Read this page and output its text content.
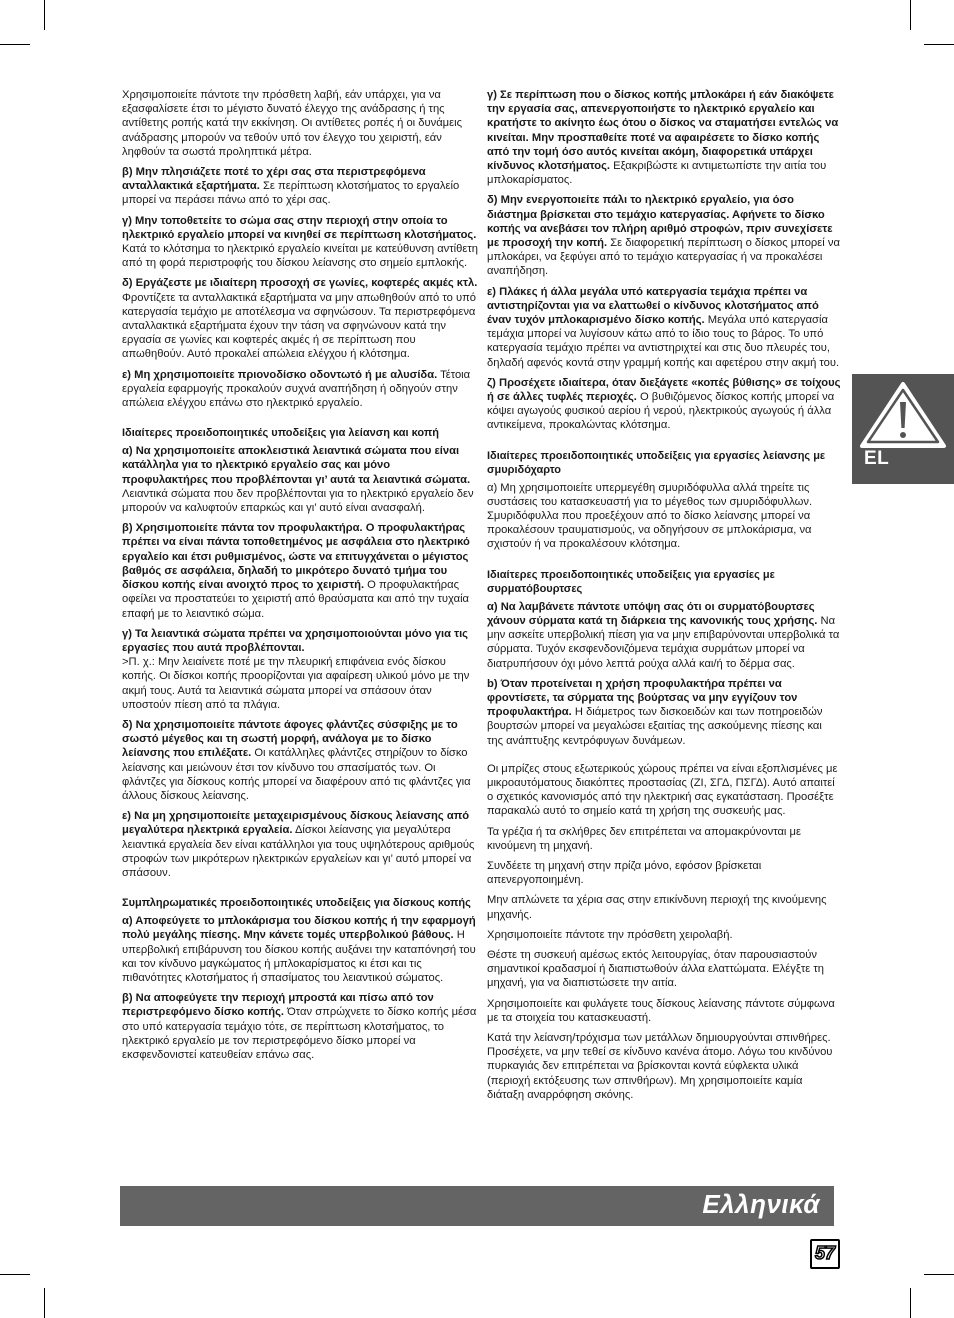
Χρησιμοποιείτε πάντοτε την πρόσθετη λαβή, εάν υπάρχει, για να εξασφαλίσετε έτσι το μέγιστο δυνατό έλεγχο της ανάδρασης ή της αντίθετης ροπής κατά την εκκίνηση. Οι αντίθετες ροπές ή οι δυνάμεις ανάδρασης μπορούν να τεθούν υπό τον έλεγχο του χειριστή, εάν ληφθούν τα σωστά προληπτικά μέτρα.
β) Μην πλησιάζετε ποτέ το χέρι σας στα περιστρεφόμενα ανταλλακτικά εξαρτήματα. Σε περίπτωση κλοτσήματος το εργαλείο μπορεί να περάσει πάνω από το χέρι σας.
γ) Μην τοποθετείτε το σώμα σας στην περιοχή στην οποία το ηλεκτρικό εργαλείο μπορεί να κινηθεί σε περίπτωση κλοτσήματος. Κατά το κλότσημα το ηλεκτρικό εργαλείο κινείται με κατεύθυνση αντίθετη από τη φορά περιστροφής του δίσκου λείανσης στο σημείο εμπλοκής.
δ) Εργάζεστε με ιδιαίτερη προσοχή σε γωνίες, κοφτερές ακμές κτλ. Φροντίζετε τα ανταλλακτικά εξαρτήματα να μην απωθηθούν από το υπό κατεργασία τεμάχιο με αποτέλεσμα να σφηνώσουν. Τα περιστρεφόμενα ανταλλακτικά εξαρτήματα έχουν την τάση να σφηνώνουν κατά την εργασία σε γωνίες και κοφτερές ακμές ή σε περίπτωση που απωθηθούν. Αυτό προκαλεί απώλεια ελέγχου ή κλότσημα.
ε) Μη χρησιμοποιείτε πριονοδίσκο οδοντωτό ή με αλυσίδα. Τέτοια εργαλεία εφαρμογής προκαλούν συχνά αναπήδηση ή οδηγούν στην απώλεια ελέγχου επάνω στο ηλεκτρικό εργαλείο.
Ιδιαίτερες προειδοποιητικές υποδείξεις για λείανση και κοπή
α) Να χρησιμοποιείτε αποκλειστικά λειαντικά σώματα που είναι κατάλληλα για το ηλεκτρικό εργαλείο σας και μόνο προφυλακτήρες που προβλέπονται γι’ αυτά τα λειαντικά σώματα. Λειαντικά σώματα που δεν προβλέπονται για το ηλεκτρικό εργαλείο δεν μπορούν να καλυφτούν επαρκώς και γι’ αυτό είναι ανασφαλή.
β) Χρησιμοποιείτε πάντα τον προφυλακτήρα. Ο προφυλακτήρας πρέπει να είναι πάντα τοποθετημένος με ασφάλεια στο ηλεκτρικό εργαλείο και έτσι ρυθμισμένος, ώστε να επιτυγχάνεται ο μέγιστος βαθμός σε ασφάλεια, δηλαδή το μικρότερο δυνατό τμήμα του δίσκου κοπής είναι ανοιχτό προς το χειριστή. Ο προφυλακτήρας οφείλει να προστατεύει το χειριστή από θραύσματα και από την τυχαία επαφή με το λειαντικό σώμα.
γ) Τα λειαντικά σώματα πρέπει να χρησιμοποιούνται μόνο για τις εργασίες που αυτά προβλέπονται.
>Π. χ.: Μην λειαίνετε ποτέ με την πλευρική επιφάνεια ενός δίσκου κοπής. Οι δίσκοι κοπής προορίζονται για αφαίρεση υλικού μόνο με την ακμή τους. Αυτά τα λειαντικά σώματα μπορεί να σπάσουν όταν υποστούν πίεση από τα πλάγια.
δ) Να χρησιμοποιείτε πάντοτε άφογες φλάντζες σύσφιξης με το σωστό μέγεθος και τη σωστή μορφή, ανάλογα με το δίσκο λείανσης που επιλέξατε. Οι κατάλληλες φλάντζες στηρίζουν το δίσκο λείανσης και μειώνουν έτσι τον κίνδυνο του σπασίματός των. Οι φλάντζες για δίσκους κοπής μπορεί να διαφέρουν από τις φλάντζες για άλλους δίσκους λείανσης.
ε) Να μη χρησιμοποιείτε μεταχειρισμένους δίσκους λείανσης από μεγαλύτερα ηλεκτρικά εργαλεία. Δίσκοι λείανσης για μεγαλύτερα λειαντικά εργαλεία δεν είναι κατάλληλοι για τους υψηλότερους αριθμούς στροφών των μικρότερων ηλεκτρικών εργαλείων και γι’ αυτό μπορεί να σπάσουν.
Συμπληρωματικές προειδοποιητικές υποδείξεις για δίσκους κοπής
α) Αποφεύγετε το μπλοκάρισμα του δίσκου κοπής ή την εφαρμογή πολύ μεγάλης πίεσης. Μην κάνετε τομές υπερβολικού βάθους. Η υπερβολική επιβάρυνση του δίσκου κοπής αυξάνει την καταπόνησή του και τον κίνδυνο μαγκώματος ή μπλοκαρίσματος κι έτσι και τις πιθανότητες κλοτσήματος ή σπασίματος του λειαντικού σώματος.
β) Να αποφεύγετε την περιοχή μπροστά και πίσω από τον περιστρεφόμενο δίσκο κοπής. Όταν σπρώχνετε το δίσκο κοπής μέσα στο υπό κατεργασία τεμάχιο τότε, σε περίπτωση κλοτσήματος, το ηλεκτρικό εργαλείο με τον περιστρεφόμενο δίσκο μπορεί να εκσφενδονιστεί κατευθείαν επάνω σας.
γ) Σε περίπτωση που ο δίσκος κοπής μπλοκάρει ή εάν διακόψετε την εργασία σας, απενεργοποιήστε το ηλεκτρικό εργαλείο και κρατήστε το ακίνητο έως ότου ο δίσκος να σταματήσει εντελώς να κινείται. Μην προσπαθείτε ποτέ να αφαιρέσετε το δίσκο κοπής από την τομή όσο αυτός κινείται ακόμη, διαφορετικά υπάρχει κίνδυνος κλοτσήματος. Εξακριβώστε κι αντιμετωπίστε την αιτία του μπλοκαρίσματος.
δ) Μην ενεργοποιείτε πάλι το ηλεκτρικό εργαλείο, για όσο διάστημα βρίσκεται στο τεμάχιο κατεργασίας. Αφήνετε το δίσκο κοπής να ανεβάσει τον πλήρη αριθμό στροφών, πριν συνεχίσετε με προσοχή την κοπή. Σε διαφορετική περίπτωση ο δίσκος μπορεί να μπλοκάρει, να ξεφύγει από το τεμάχιο κατεργασίας ή να προκαλέσει αναπήδηση.
ε) Πλάκες ή άλλα μεγάλα υπό κατεργασία τεμάχια πρέπει να αντιστηρίζονται για να ελαττωθεί ο κίνδυνος κλοτσήματος από έναν τυχόν μπλοκαρισμένο δίσκο κοπής. Μεγάλα υπό κατεργασία τεμάχια μπορεί να λυγίσουν κάτω από το ίδιο τους το βάρος. Το υπό κατεργασία τεμάχιο πρέπει να αντιστηριχτεί και στις δυο πλευρές του, δηλαδή αφενός κοντά στην γραμμή κοπής και αφετέρου στην ακμή του.
ζ) Προσέχετε ιδιαίτερα, όταν διεξάγετε «κοπές βύθισης» σε τοίχους ή σε άλλες τυφλές περιοχές. Ο βυθιζόμενος δίσκος κοπής μπορεί να κόψει αγωγούς φυσικού αερίου ή νερού, ηλεκτρικούς αγωγούς ή άλλα αντικείμενα, προκαλώντας κλότσημα.
Ιδιαίτερες προειδοποιητικές υποδείξεις για εργασίες λείανσης με σμυριδόχαρτο
α) Μη χρησιμοποιείτε υπερμεγέθη σμυριδόφυλλα αλλά τηρείτε τις συστάσεις του κατασκευαστή για το μέγεθος των σμυριδόφυλλων. Σμυριδόφυλλα που προεξέχουν από το δίσκο λείανσης μπορεί να προκαλέσουν τραυματισμούς, να οδηγήσουν σε μπλοκάρισμα, να σχιστούν ή να προκαλέσουν κλότσημα.
Ιδιαίτερες προειδοποιητικές υποδείξεις για εργασίες με συρματόβουρτσες
α) Να λαμβάνετε πάντοτε υπόψη σας ότι οι συρματόβουρτσες χάνουν σύρματα κατά τη διάρκεια της κανονικής τους χρήσης. Να μην ασκείτε υπερβολική πίεση για να μην επιβαρύνονται υπερβολικά τα σύρματα. Τυχόν εκσφενδονιζόμενα τεμάχια συρμάτων μπορεί να διατρυπήσουν όχι μόνο λεπτά ρούχα αλλά και/ή το δέρμα σας.
b) Όταν προτείνεται η χρήση προφυλακτήρα πρέπει να φροντίσετε, τα σύρματα της βούρτσας να μην εγγίζουν τον προφυλακτήρα. Η διάμετρος των δισκοειδών και των ποτηροειδών βουρτσών μπορεί να μεγαλώσει εξαιτίας της ασκούμενης πίεσης και της ανάπτυξης κεντρόφυγων δυνάμεων.
Οι μπρίζες στους εξωτερικούς χώρους πρέπει να είναι εξοπλισμένες με μικροαυτόματους διακόπτες προστασίας (ΖΙ, ΣΓΔ, ΠΣΓΔ). Αυτό απαιτεί ο σχετικός κανονισμός από την ηλεκτρική σας εγκατάσταση. Προσέξτε παρακαλώ αυτό το σημείο κατά τη χρήση της συσκευής μας.
Τα γρέζια ή τα σκλήθρες δεν επιτρέπεται να απομακρύνονται με κινούμενη τη μηχανή.
Συνδέετε τη μηχανή στην πρίζα μόνο, εφόσον βρίσκεται απενεργοποιημένη.
Μην απλώνετε τα χέρια σας στην επικίνδυνη περιοχή της κινούμενης μηχανής.
Χρησιμοποιείτε πάντοτε την πρόσθετη χειρολαβή.
Θέστε τη συσκευή αμέσως εκτός λειτουργίας, όταν παρουσιαστούν σημαντικοί κραδασμοί ή διαπιστωθούν άλλα ελαττώματα. Ελέγξτε τη μηχανή, για να διαπιστώσετε την αιτία.
Χρησιμοποιείτε και φυλάγετε τους δίσκους λείανσης πάντοτε σύμφωνα με τα στοιχεία του κατασκευαστή.
Κατά την λείανση/τρόχισμα των μετάλλων δημιουργούνται σπινθήρες. Προσέχετε, να μην τεθεί σε κίνδυνο κανένα άτομο. Λόγω του κινδύνου πυρκαγιάς δεν επιτρέπεται να βρίσκονται κοντά εύφλεκτα υλικά (περιοχή εκτόξευσης των σπινθήρων). Μη χρησιμοποιείτε καμία διάταξη αναρρόφηση σκόνης.
EL
Ελληνικά
57
